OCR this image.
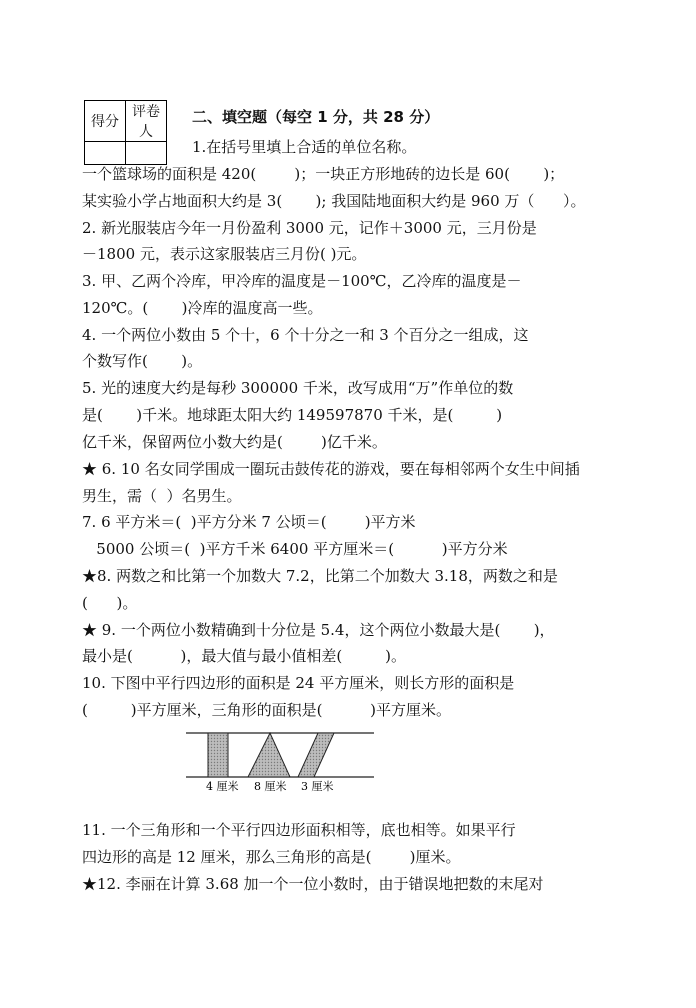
得分	评卷人

二、填空题（每空 1 分，共 28 分）
1.在括号里填上合适的单位名称。
一个篮球场的面积是 420(        )；一块正方形地砖的边长是 60(       )；
某实验小学占地面积大约是 3(       ); 我国陆地面积大约是 960 万（      ）。
2. 新光服装店今年一月份盈利 3000 元，记作＋3000 元，三月份是
－1800 元，表示这家服装店三月份( )元。
3. 甲、乙两个冷库，甲冷库的温度是－100℃，乙冷库的温度是－
120℃。(       )冷库的温度高一些。
4. 一个两位小数由 5 个十，6 个十分之一和 3 个百分之一组成，这
个数写作(       )。
5. 光的速度大约是每秒 300000 千米，改写成用“万”作单位的数
是(       )千米。地球距太阳大约 149597870 千米，是(         )
亿千米，保留两位小数大约是(        )亿千米。
★ 6. 10 名女同学围成一圈玩击鼓传花的游戏，要在每相邻两个女生中间插
男生，需（  ）名男生。
7. 6 平方米＝(  )平方分米 7 公顷＝(        )平方米
5000 公顷＝(  )平方千米 6400 平方厘米＝(          )平方分米
★8. 两数之和比第一个加数大 7.2，比第二个加数大 3.18，两数之和是
(      )。
★ 9. 一个两位小数精确到十分位是 5.4，这个两位小数最大是(       )，
最小是(          )，最大值与最小值相差(         )。
10. 下图中平行四边形的面积是 24 平方厘米，则长方形的面积是
(         )平方厘米，三角形的面积是(          )平方厘米。
4 厘米 8 厘米 3 厘米
11. 一个三角形和一个平行四边形面积相等，底也相等。如果平行
四边形的高是 12 厘米，那么三角形的高是(        )厘米。
★12. 李丽在计算 3.68 加一个一位小数时，由于错误地把数的末尾对
